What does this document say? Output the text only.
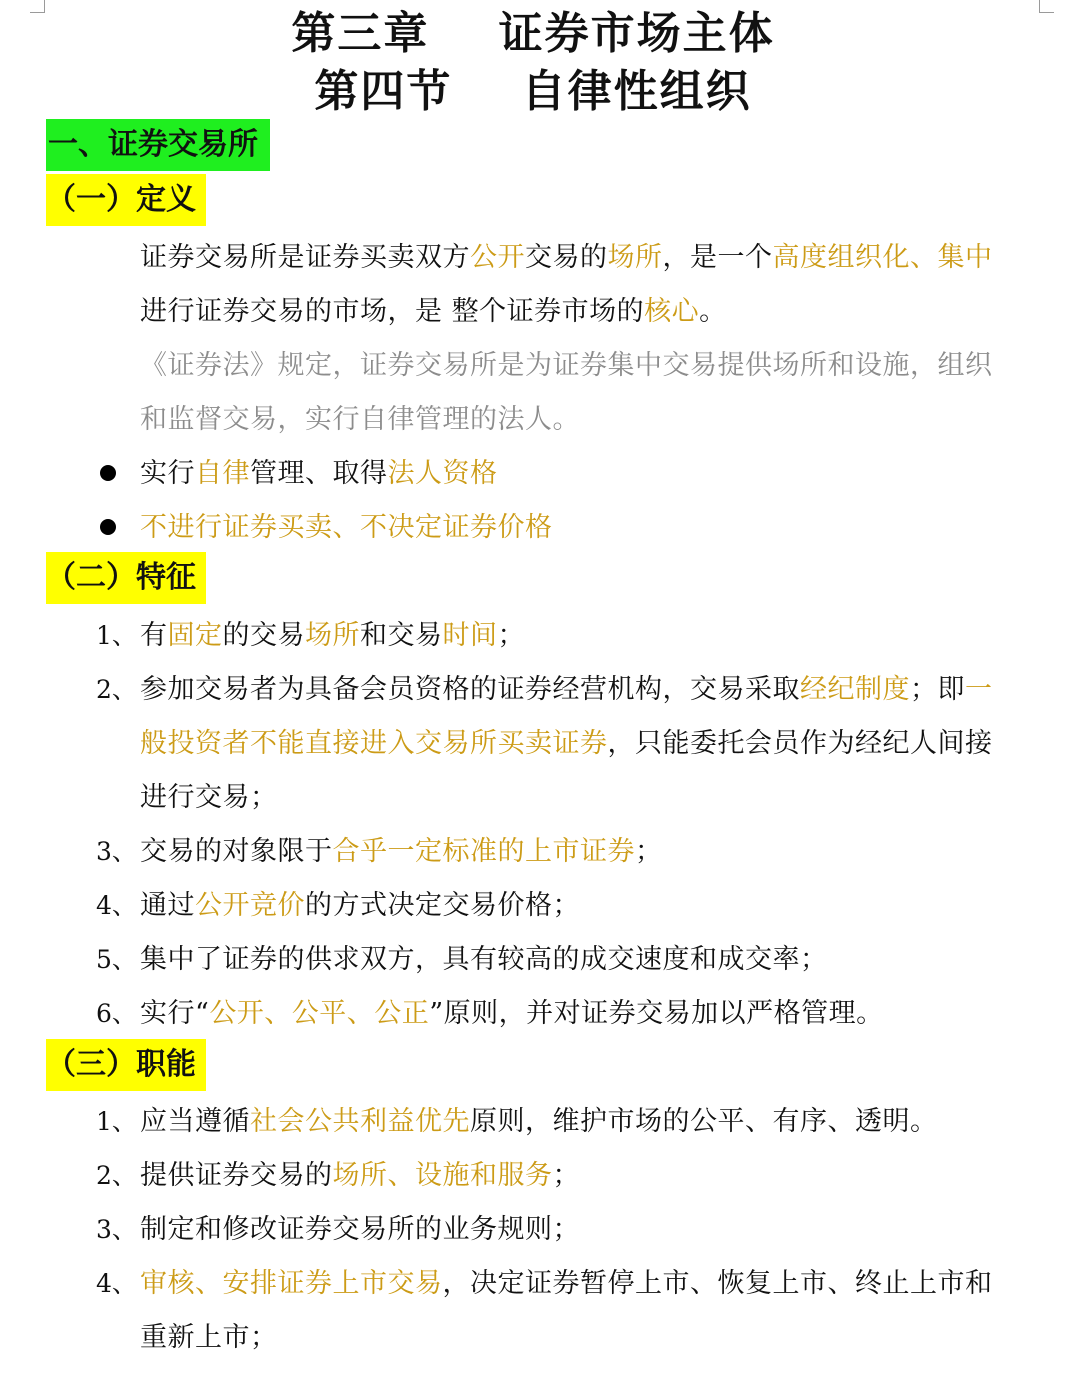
第三章    证券市场主体
第四节    自律性组织
一、证券交易所
（一）定义
证券交易所是证券买卖双方公开交易的场所，是一个高度组织化、集中
进行证券交易的市场，是 整个证券市场的核心。
《证券法》规定，证券交易所是为证券集中交易提供场所和设施，组织
和监督交易，实行自律管理的法人。
实行自律管理、取得法人资格
不进行证券买卖、不决定证券价格
（二）特征
1、 有固定的交易场所和交易时间；
2、 参加交易者为具备会员资格的证券经营机构，交易采取经纪制度；即一
般投资者不能直接进入交易所买卖证券，只能委托会员作为经纪人间接
进行交易；
3、 交易的对象限于合乎一定标准的上市证券；
4、 通过公开竞价的方式决定交易价格；
5、 集中了证券的供求双方，具有较高的成交速度和成交率；
6、 实行“公开、公平、公正”原则，并对证券交易加以严格管理。
（三）职能
1、 应当遵循社会公共利益优先原则，维护市场的公平、有序、透明。
2、 提供证券交易的场所、设施和服务；
3、 制定和修改证券交易所的业务规则；
4、 审核、安排证券上市交易，决定证券暂停上市、恢复上市、终止上市和
重新上市；
